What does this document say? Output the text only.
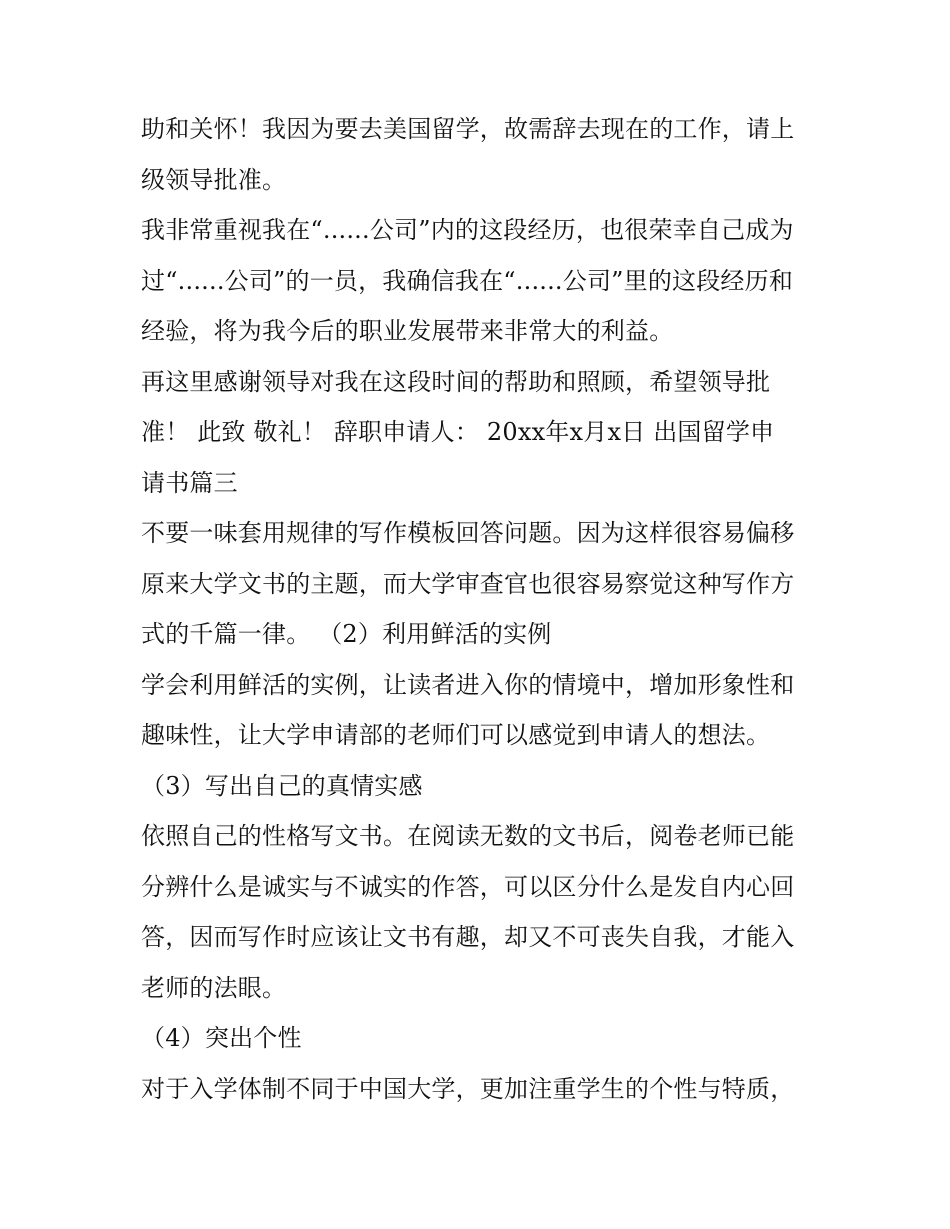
助和关怀！我因为要去美国留学，故需辞去现在的工作，请上
级领导批准。
我非常重视我在“......公司”内的这段经历，也很荣幸自己成为
过“......公司”的一员，我确信我在“......公司”里的这段经历和
经验，将为我今后的职业发展带来非常大的利益。
再这里感谢领导对我在这段时间的帮助和照顾，希望领导批
准！ 此致 敬礼！ 辞职申请人： 20xx年x月x日 出国留学申
请书篇三
不要一味套用规律的写作模板回答问题。因为这样很容易偏移
原来大学文书的主题，而大学审查官也很容易察觉这种写作方
式的千篇一律。 （2）利用鲜活的实例
学会利用鲜活的实例，让读者进入你的情境中，增加形象性和
趣味性，让大学申请部的老师们可以感觉到申请人的想法。
（3）写出自己的真情实感
依照自己的性格写文书。在阅读无数的文书后，阅卷老师已能
分辨什么是诚实与不诚实的作答，可以区分什么是发自内心回
答，因而写作时应该让文书有趣，却又不可丧失自我，才能入
老师的法眼。
（4）突出个性
对于入学体制不同于中国大学，更加注重学生的个性与特质，
